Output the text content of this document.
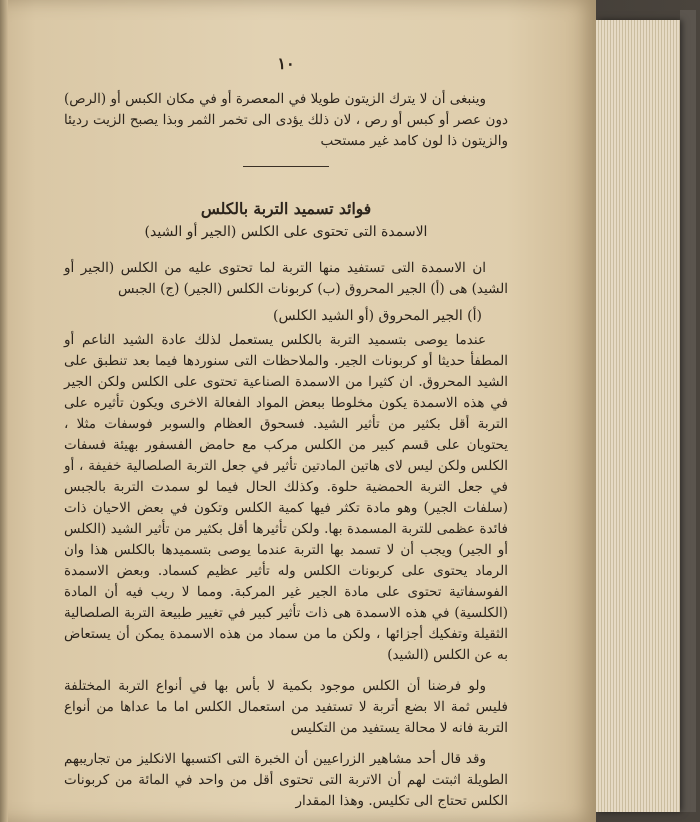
١٠

وينبغى أن لا يترك الزيتون طويلا في المعصرة أو في مكان الكبس أو (الرص) دون عصر أو كبس أو رص ، لان ذلك يؤدى الى تخمر الثمر وبذا يصبح الزيت رديئا والزيتون ذا لون كامد غير مستحب

فوائد تسميد التربة بالكلس
الاسمدة التى تحتوى على الكلس (الجير أو الشيد)

ان الاسمدة التى تستفيد منها التربة لما تحتوى عليه من الكلس (الجير أو الشيد) هى (أ) الجير المحروق (ب) كربونات الكلس (الجير) (ج) الجبس

(أ) الجير المحروق (أو الشيد الكلس)

عندما يوصى بتسميد التربة بالكلس يستعمل لذلك عادة الشيد الناعم أو المطفأ حديثا أو كربونات الجير. والملاحظات التى سنوردها فيما بعد تنطبق على الشيد المحروق. ان كثيرا من الاسمدة الصناعية تحتوى على الكلس ولكن الجير في هذه الاسمدة يكون مخلوطا ببعض المواد الفعالة الاخرى ويكون تأثيره على التربة أقل بكثير من تأثير الشيد. فسحوق العظام والسوبر فوسفات مثلا ، يحتويان على قسم كبير من الكلس مركب مع حامض الفسفور بهيئة فسفات الكلس ولكن ليس لاى هاتين المادتين تأثير في جعل التربة الصلصالية خفيفة ، أو في جعل التربة الحمضية حلوة. وكذلك الحال فيما لو سمدت التربة بالجبس (سلفات الجير) وهو مادة تكثر فيها كمية الكلس وتكون في بعض الاحيان ذات فائدة عظمى للتربة المسمدة بها. ولكن تأثيرها أقل بكثير من تأثير الشيد (الكلس أو الجير) ويجب أن لا تسمد بها التربة عندما يوصى بتسميدها بالكلس هذا وان الرماد يحتوى على كربونات الكلس وله تأثير عظيم كسماد. وبعض الاسمدة الفوسفاتية تحتوى على مادة الجير غير المركبة. ومما لا ريب فيه أن المادة (الكلسية) في هذه الاسمدة هى ذات تأثير كبير في تغيير طبيعة التربة الصلصالية الثقيلة وتفكيك أجزائها ، ولكن ما من سماد من هذه الاسمدة يمكن أن يستعاض به عن الكلس (الشيد)

ولو فرضنا أن الكلس موجود بكمية لا بأس بها في أنواع التربة المختلفة فليس ثمة الا بضع أتربة لا تستفيد من استعمال الكلس اما ما عداها من أنواع التربة فانه لا محالة يستفيد من التكليس

وقد قال أحد مشاهير الزراعيين أن الخبرة التى اكتسبها الانكليز من تجاريبهم الطويلة اثبتت لهم أن الاتربة التى تحتوى أقل من واحد في المائة من كربونات الكلس تحتاج الى تكليس. وهذا المقدار
